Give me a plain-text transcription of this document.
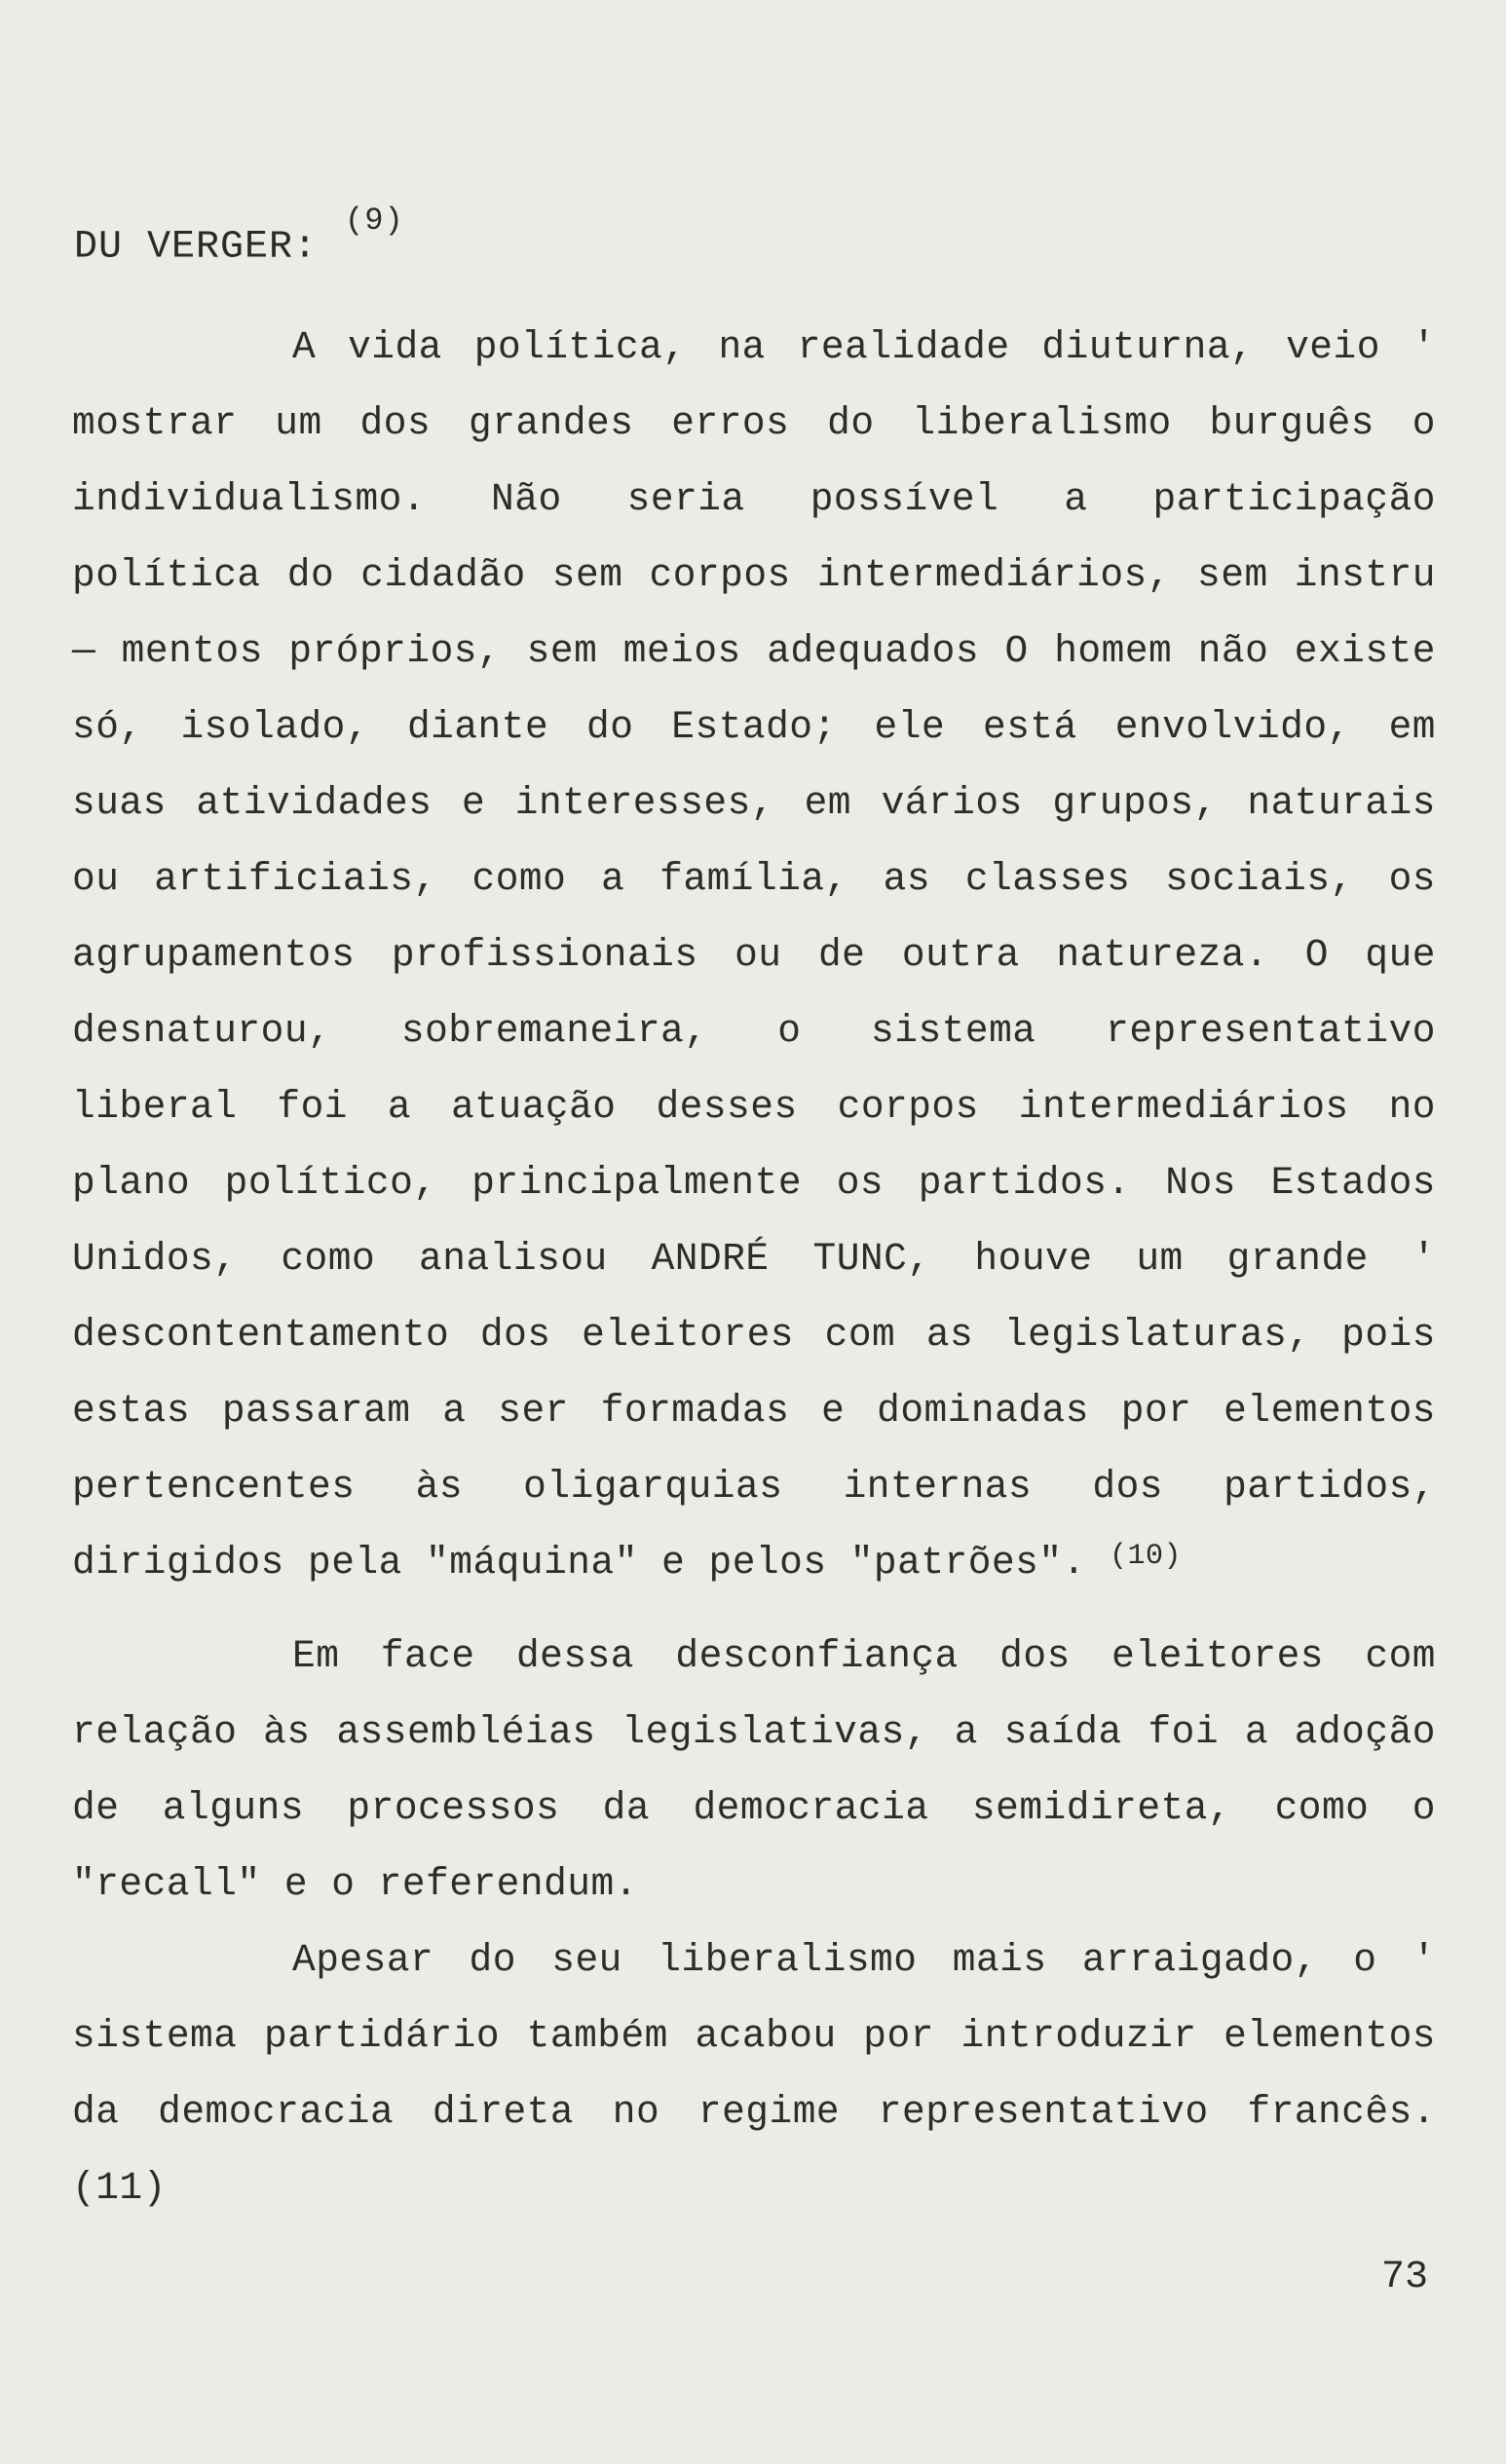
DU VERGER:$^{(9)}$

A vida política, na realidade diuturna, veio ' mostrar um dos grandes erros do liberalismo burguês o individualismo. Não seria possível a participação política do cidadão sem corpos intermediários, sem instru — mentos próprios, sem meios adequados O homem não existe só, isolado, diante do Estado; ele está envolvido, em suas atividades e interesses, em vários grupos, naturais ou artificiais, como a família, as classes sociais, os agrupamentos profissionais ou de outra natureza. O que desnaturou, sobremaneira, o sistema representativo liberal foi a atuação desses corpos intermediários no plano político, principalmente os partidos. Nos Estados Unidos, como analisou ANDRÉ TUNC, houve um grande ' descontentamento dos eleitores com as legislaturas, pois estas passaram a ser formadas e dominadas por elementos pertencentes às oligarquias internas dos partidos, dirigidos pela "máquina" e pelos "patrões". $^{(10)}$

Em face dessa desconfiança dos eleitores com relação às assembléias legislativas, a saída foi a adoção de alguns processos da democracia semidireta, como o "recall" e o referendum.

Apesar do seu liberalismo mais arraigado, o ' sistema partidário também acabou por introduzir elementos da democracia direta no regime representativo francês. (11)

73
